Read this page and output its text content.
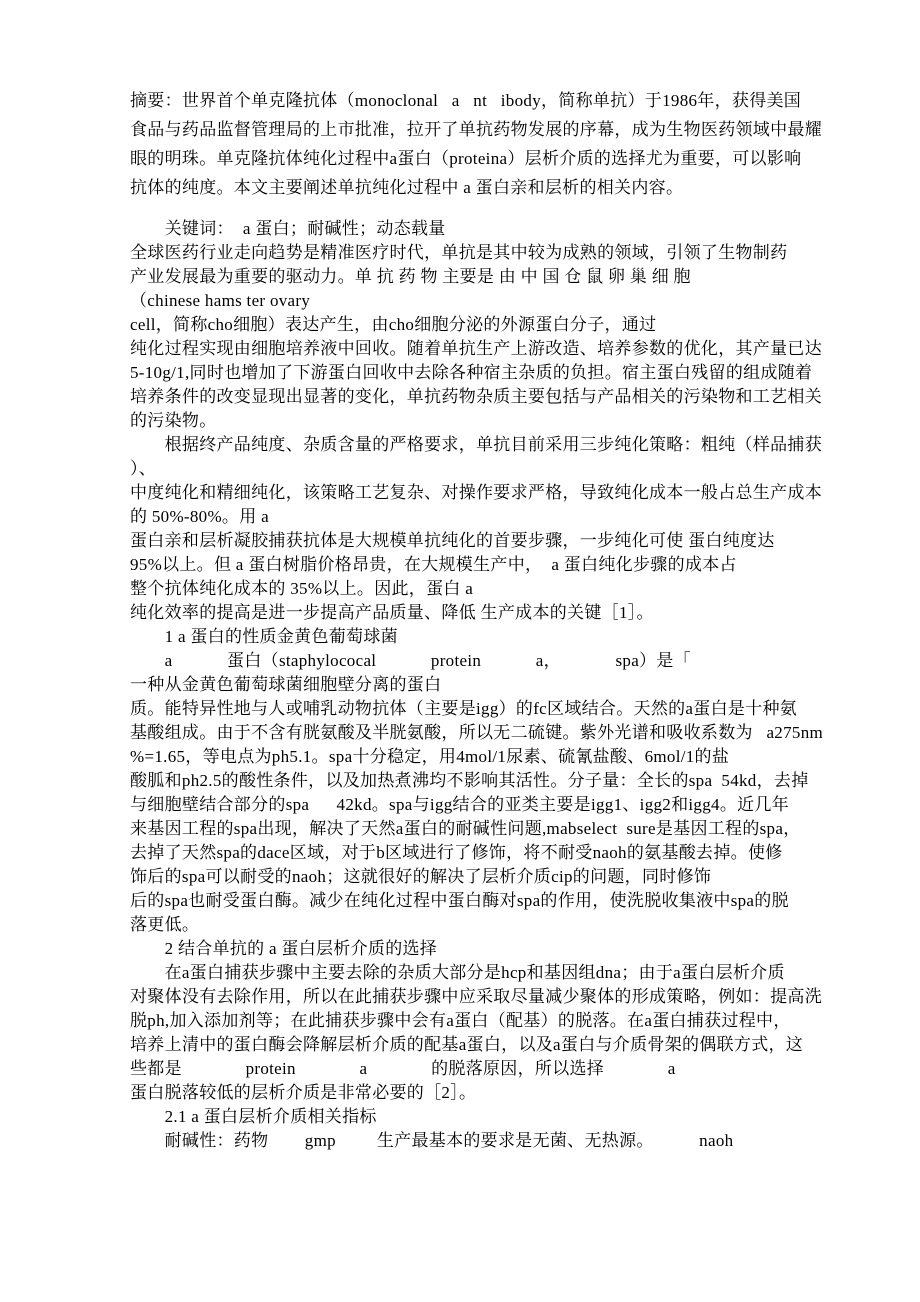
摘要：世界首个单克隆抗体（monoclonal   a   nt   ibody，简称单抗）于1986年，获得美国
食品与药品监督管理局的上市批准，拉开了单抗药物发展的序幕，成为生物医药领域中最耀
眼的明珠。单克隆抗体纯化过程中a蛋白（proteina）层析介质的选择尤为重要，可以影响
抗体的纯度。本文主要阐述单抗纯化过程中 a 蛋白亲和层析的相关内容。
　　关键词：  a 蛋白；耐碱性；动态载量
全球医药行业走向趋势是精准医疗时代，单抗是其中较为成熟的领域，引领了生物制药
产业发展最为重要的驱动力。单 抗 药 物 主要是 由 中 国 仓 鼠 卵 巢 细 胞
（chinese hams ter ovary
cell，简称cho细胞）表达产生，由cho细胞分泌的外源蛋白分子，通过
纯化过程实现由细胞培养液中回收。随着单抗生产上游改造、培养参数的优化，其产量已达
5-10g/1,同时也增加了下游蛋白回收中去除各种宿主杂质的负担。宿主蛋白残留的组成随着
培养条件的改变显现出显著的变化，单抗药物杂质主要包括与产品相关的污染物和工艺相关
的污染物。
　　根据终产品纯度、杂质含量的严格要求，单抗目前采用三步纯化策略：粗纯（样品捕获
）、
中度纯化和精细纯化，该策略工艺复杂、对操作要求严格，导致纯化成本一般占总生产成本
的 50%-80%。用 a
蛋白亲和层析凝胶捕获抗体是大规模单抗纯化的首要步骤，一步纯化可使 蛋白纯度达
95%以上。但 a 蛋白树脂价格昂贵，在大规模生产中，  a 蛋白纯化步骤的成本占
整个抗体纯化成本的 35%以上。因此，蛋白 a
纯化效率的提高是进一步提高产品质量、降低 生产成本的关键［1］。
　　1 a 蛋白的性质金黄色葡萄球菌
　　a            蛋白（staphylococal            protein            a，            spa）是「
一种从金黄色葡萄球菌细胞壁分离的蛋白
质。能特异性地与人或哺乳动物抗体（主要是igg）的fc区域结合。天然的a蛋白是十种氨
基酸组成。由于不含有胱氨酸及半胱氨酸，所以无二硫键。紫外光谱和吸收系数为   a275nm
%=1.65，等电点为ph5.1。spa十分稳定，用4mol/1尿素、硫氰盐酸、6mol/1的盐
酸胍和ph2.5的酸性条件，以及加热煮沸均不影响其活性。分子量：全长的spa  54kd，去掉
与细胞壁结合部分的spa      42kd。spa与igg结合的亚类主要是igg1、igg2和igg4。近几年
来基因工程的spa出现，解决了天然a蛋白的耐碱性问题,mabselect  sure是基因工程的spa，
去掉了天然spa的dace区域，对于b区域进行了修饰，将不耐受naoh的氨基酸去掉。使修
饰后的spa可以耐受的naoh；这就很好的解决了层析介质cip的问题，同时修饰
后的spa也耐受蛋白酶。减少在纯化过程中蛋白酶对spa的作用，使洗脱收集液中spa的脱
落更低。
　　2 结合单抗的 a 蛋白层析介质的选择
　　在a蛋白捕获步骤中主要去除的杂质大部分是hcp和基因组dna；由于a蛋白层析介质
对聚体没有去除作用，所以在此捕获步骤中应采取尽量减少聚体的形成策略，例如：提高洗
脱ph,加入添加剂等；在此捕获步骤中会有a蛋白（配基）的脱落。在a蛋白捕获过程中，
培养上清中的蛋白酶会降解层析介质的配基a蛋白，以及a蛋白与介质骨架的偶联方式，这
些都是              protein              a              的脱落原因，所以选择              a
蛋白脱落较低的层析介质是非常必要的［2］。
　　2.1 a 蛋白层析介质相关指标
　　耐碱性：药物        gmp         生产最基本的要求是无菌、无热源。          naoh
